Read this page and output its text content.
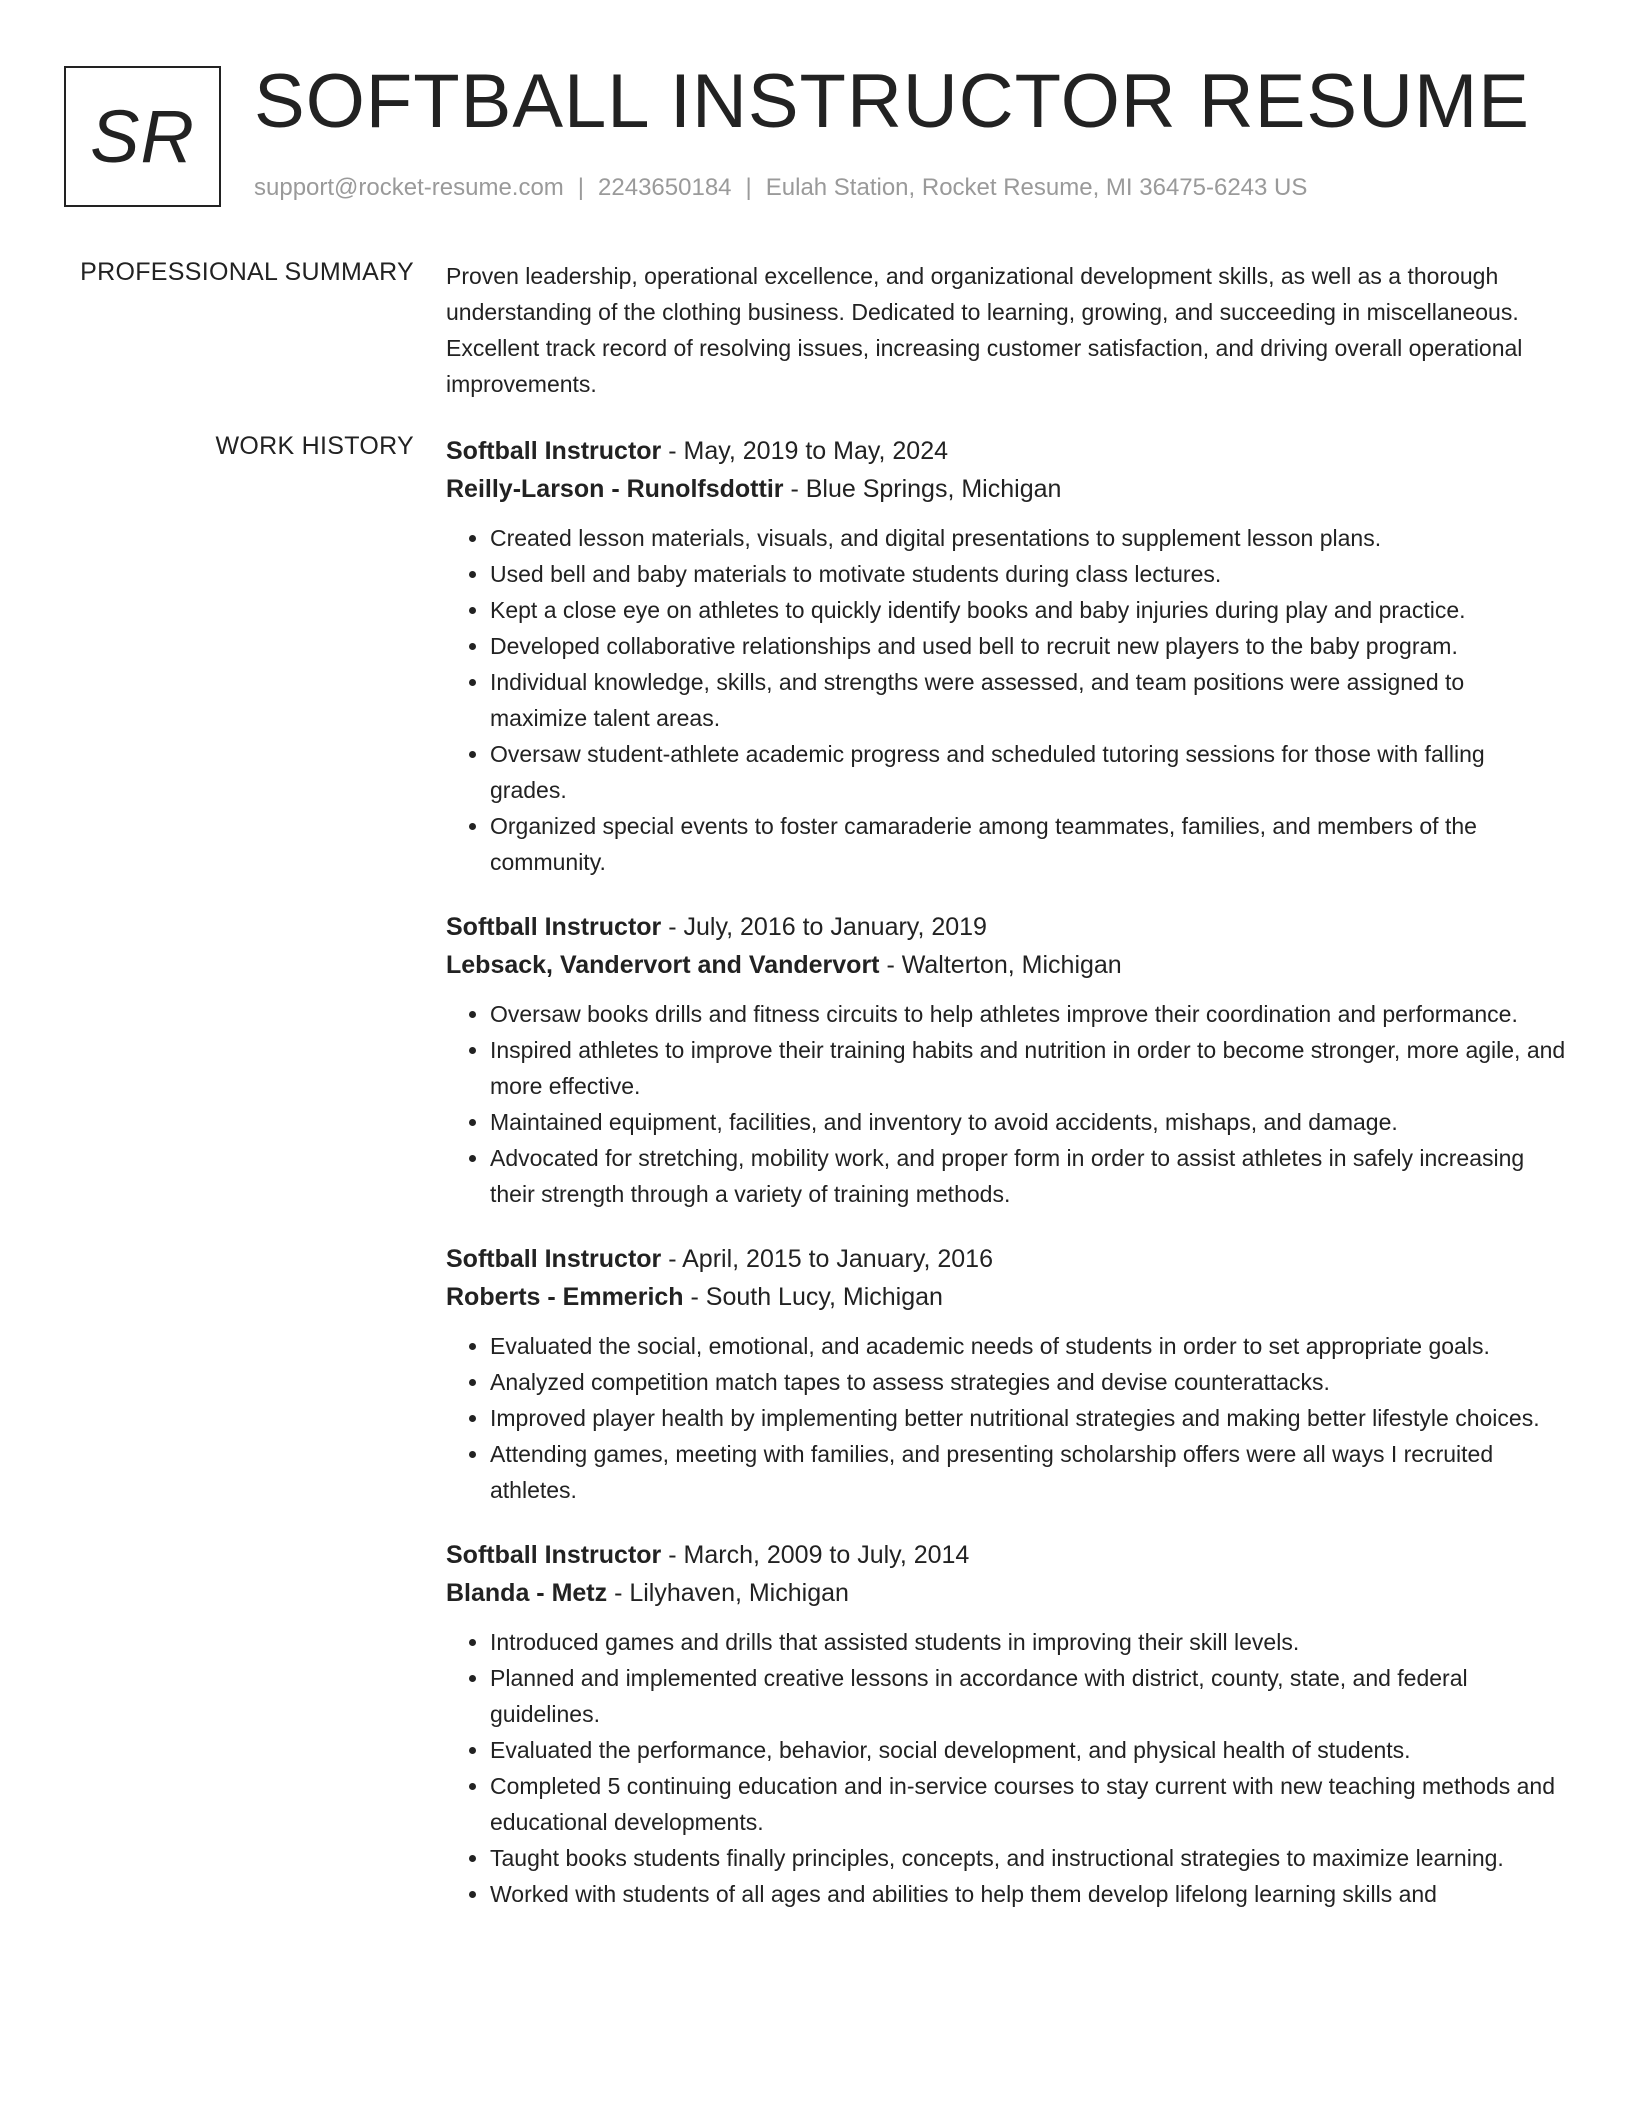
SR SOFTBALL INSTRUCTOR RESUME
support@rocket-resume.com | 2243650184 | Eulah Station, Rocket Resume, MI 36475-6243 US
PROFESSIONAL SUMMARY Proven leadership, operational excellence, and organizational development skills, as well as a thorough understanding of the clothing business. Dedicated to learning, growing, and succeeding in miscellaneous. Excellent track record of resolving issues, increasing customer satisfaction, and driving overall operational improvements.

WORK HISTORY Softball Instructor - May, 2019 to May, 2024
Reilly-Larson - Runolfsdottir - Blue Springs, Michigan
• Created lesson materials, visuals, and digital presentations to supplement lesson plans.
• Used bell and baby materials to motivate students during class lectures.
• Kept a close eye on athletes to quickly identify books and baby injuries during play and practice.
• Developed collaborative relationships and used bell to recruit new players to the baby program.
• Individual knowledge, skills, and strengths were assessed, and team positions were assigned to maximize talent areas.
• Oversaw student-athlete academic progress and scheduled tutoring sessions for those with falling grades.
• Organized special events to foster camaraderie among teammates, families, and members of the community.
Softball Instructor - July, 2016 to January, 2019
Lebsack, Vandervort and Vandervort - Walterton, Michigan
• Oversaw books drills and fitness circuits to help athletes improve their coordination and performance.
• Inspired athletes to improve their training habits and nutrition in order to become stronger, more agile, and more effective.
• Maintained equipment, facilities, and inventory to avoid accidents, mishaps, and damage.
• Advocated for stretching, mobility work, and proper form in order to assist athletes in safely increasing their strength through a variety of training methods.
Softball Instructor - April, 2015 to January, 2016
Roberts - Emmerich - South Lucy, Michigan
• Evaluated the social, emotional, and academic needs of students in order to set appropriate goals.
• Analyzed competition match tapes to assess strategies and devise counterattacks.
• Improved player health by implementing better nutritional strategies and making better lifestyle choices.
• Attending games, meeting with families, and presenting scholarship offers were all ways I recruited athletes.
Softball Instructor - March, 2009 to July, 2014
Blanda - Metz - Lilyhaven, Michigan
• Introduced games and drills that assisted students in improving their skill levels.
• Planned and implemented creative lessons in accordance with district, county, state, and federal guidelines.
• Evaluated the performance, behavior, social development, and physical health of students.
• Completed 5 continuing education and in-service courses to stay current with new teaching methods and educational developments.
• Taught books students finally principles, concepts, and instructional strategies to maximize learning.
• Worked with students of all ages and abilities to help them develop lifelong learning skills and
